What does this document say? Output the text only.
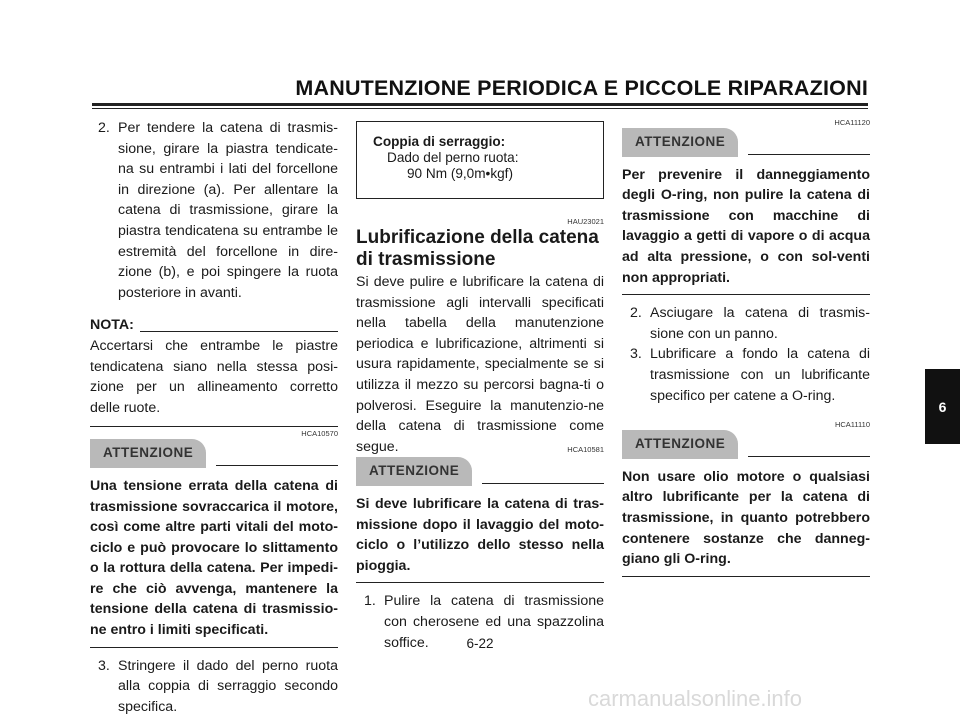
MANUTENZIONE PERIODICA E PICCOLE RIPARAZIONI
2. Per tendere la catena di trasmis-sione, girare la piastra tendicate-na su entrambi i lati del forcellone in direzione (a). Per allentare la catena di trasmissione, girare la piastra tendicatena su entrambe le estremità del forcellone in dire-zione (b), e poi spingere la ruota posteriore in avanti.
NOTA:

Accertarsi che entrambe le piastre tendicatena siano nella stessa posi-zione per un allineamento corretto delle ruote.

HCA10570
ATTENZIONE

Una tensione errata della catena di trasmissione sovraccarica il motore, così come altre parti vitali del moto-ciclo e può provocare lo slittamento o la rottura della catena. Per impedi-re che ciò avvenga, mantenere la tensione della catena di trasmissio-ne entro i limiti specificati.

3. Stringere il dado del perno ruota alla coppia di serraggio secondo specifica.
Coppia di serraggio:
Dado del perno ruota:
90 Nm (9,0m•kgf)
HAU23021
Lubrificazione della catena
di trasmissione

Si deve pulire e lubrificare la catena di trasmissione agli intervalli specificati nella tabella della manutenzione periodica e lubrificazione, altrimenti si usura rapidamente, specialmente se si utilizza il mezzo su percorsi bagna-ti o polverosi. Eseguire la manutenzio-ne della catena di trasmissione come segue.	HCA10581
ATTENZIONE

Si deve lubrificare la catena di tras-missione dopo il lavaggio del moto-ciclo o l’utilizzo dello stesso nella pioggia.

1. Pulire la catena di trasmissione con cherosene ed una spazzolina soffice.
HCA11120
ATTENZIONE

Per prevenire il danneggiamento degli O-ring, non pulire la catena di trasmissione con macchine di lavaggio a getti di vapore o di acqua ad alta pressione, o con sol-venti non appropriati.

2. Asciugare la catena di trasmis-sione con un panno.
3. Lubrificare a fondo la catena di trasmissione con un lubrificante specifico per catene a O-ring.
HCA11110
ATTENZIONE

Non usare olio motore o qualsiasi altro lubrificante per la catena di trasmissione, in quanto potrebbero contenere sostanze che danneg-giano gli O-ring.

6
6-22
carmanualsonline.info
